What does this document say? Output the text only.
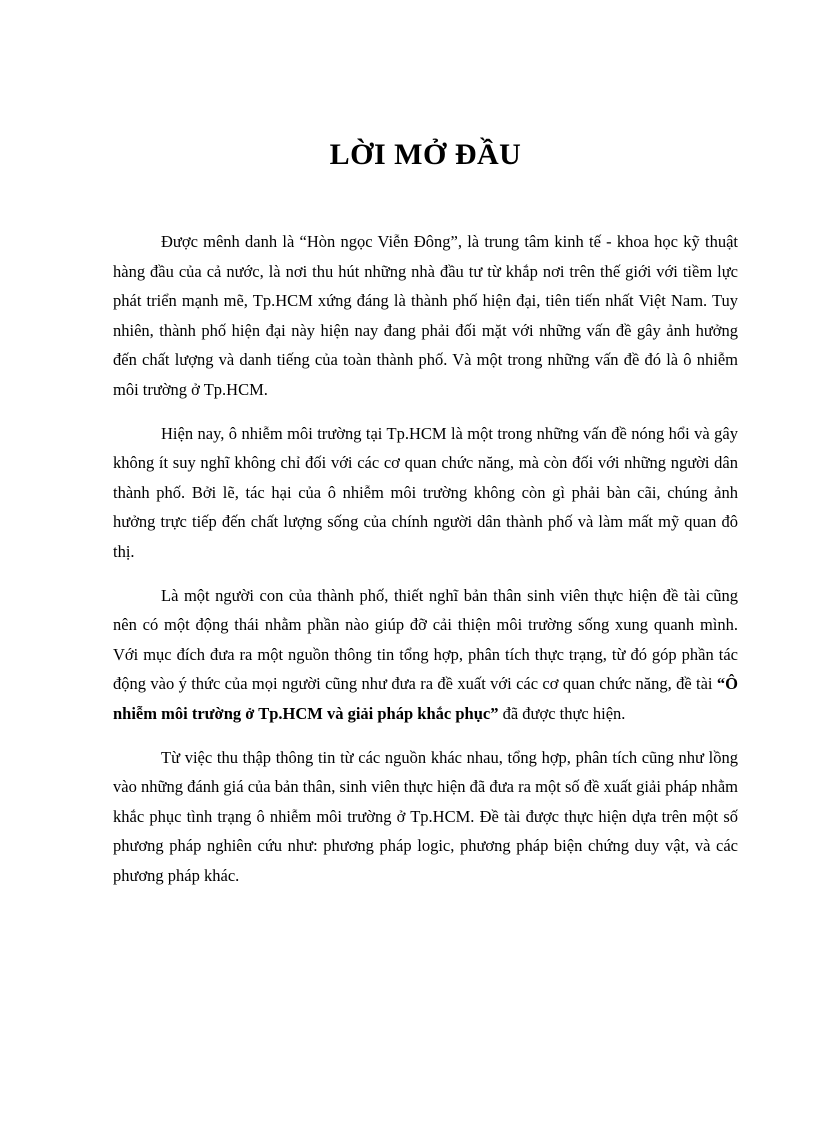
LỜI MỞ ĐẦU

Được mênh danh là “Hòn ngọc Viễn Đông”, là trung tâm kinh tế - khoa học kỹ thuật hàng đầu của cả nước, là nơi thu hút những nhà đầu tư từ khắp nơi trên thế giới với tiềm lực phát triển mạnh mẽ, Tp.HCM xứng đáng là thành phố hiện đại, tiên tiến nhất Việt Nam. Tuy nhiên, thành phố hiện đại này hiện nay đang phải đối mặt với những vấn đề gây ảnh hưởng đến chất lượng và danh tiếng của toàn thành phố. Và một trong những vấn đề đó là ô nhiễm môi trường ở Tp.HCM.

Hiện nay, ô nhiễm môi trường tại Tp.HCM là một trong những vấn đề nóng hổi và gây không ít suy nghĩ không chỉ đối với các cơ quan chức năng, mà còn đối với những người dân thành phố. Bởi lẽ, tác hại của ô nhiễm môi trường không còn gì phải bàn cãi, chúng ảnh hưởng trực tiếp đến chất lượng sống của chính người dân thành phố và làm mất mỹ quan đô thị.

Là một người con của thành phố, thiết nghĩ bản thân sinh viên thực hiện đề tài cũng nên có một động thái nhằm phần nào giúp đỡ cải thiện môi trường sống xung quanh mình. Với mục đích đưa ra một nguồn thông tin tổng hợp, phân tích thực trạng, từ đó góp phần tác động vào ý thức của mọi người cũng như đưa ra đề xuất với các cơ quan chức năng, đề tài “Ô nhiễm môi trường ở Tp.HCM và giải pháp khắc phục” đã được thực hiện.

Từ việc thu thập thông tin từ các nguồn khác nhau, tổng hợp, phân tích cũng như lồng vào những đánh giá của bản thân, sinh viên thực hiện đã đưa ra một số đề xuất giải pháp nhằm khắc phục tình trạng ô nhiễm môi trường ở Tp.HCM. Đề tài được thực hiện dựa trên một số phương pháp nghiên cứu như: phương pháp logic, phương pháp biện chứng duy vật, và các phương pháp khác.
